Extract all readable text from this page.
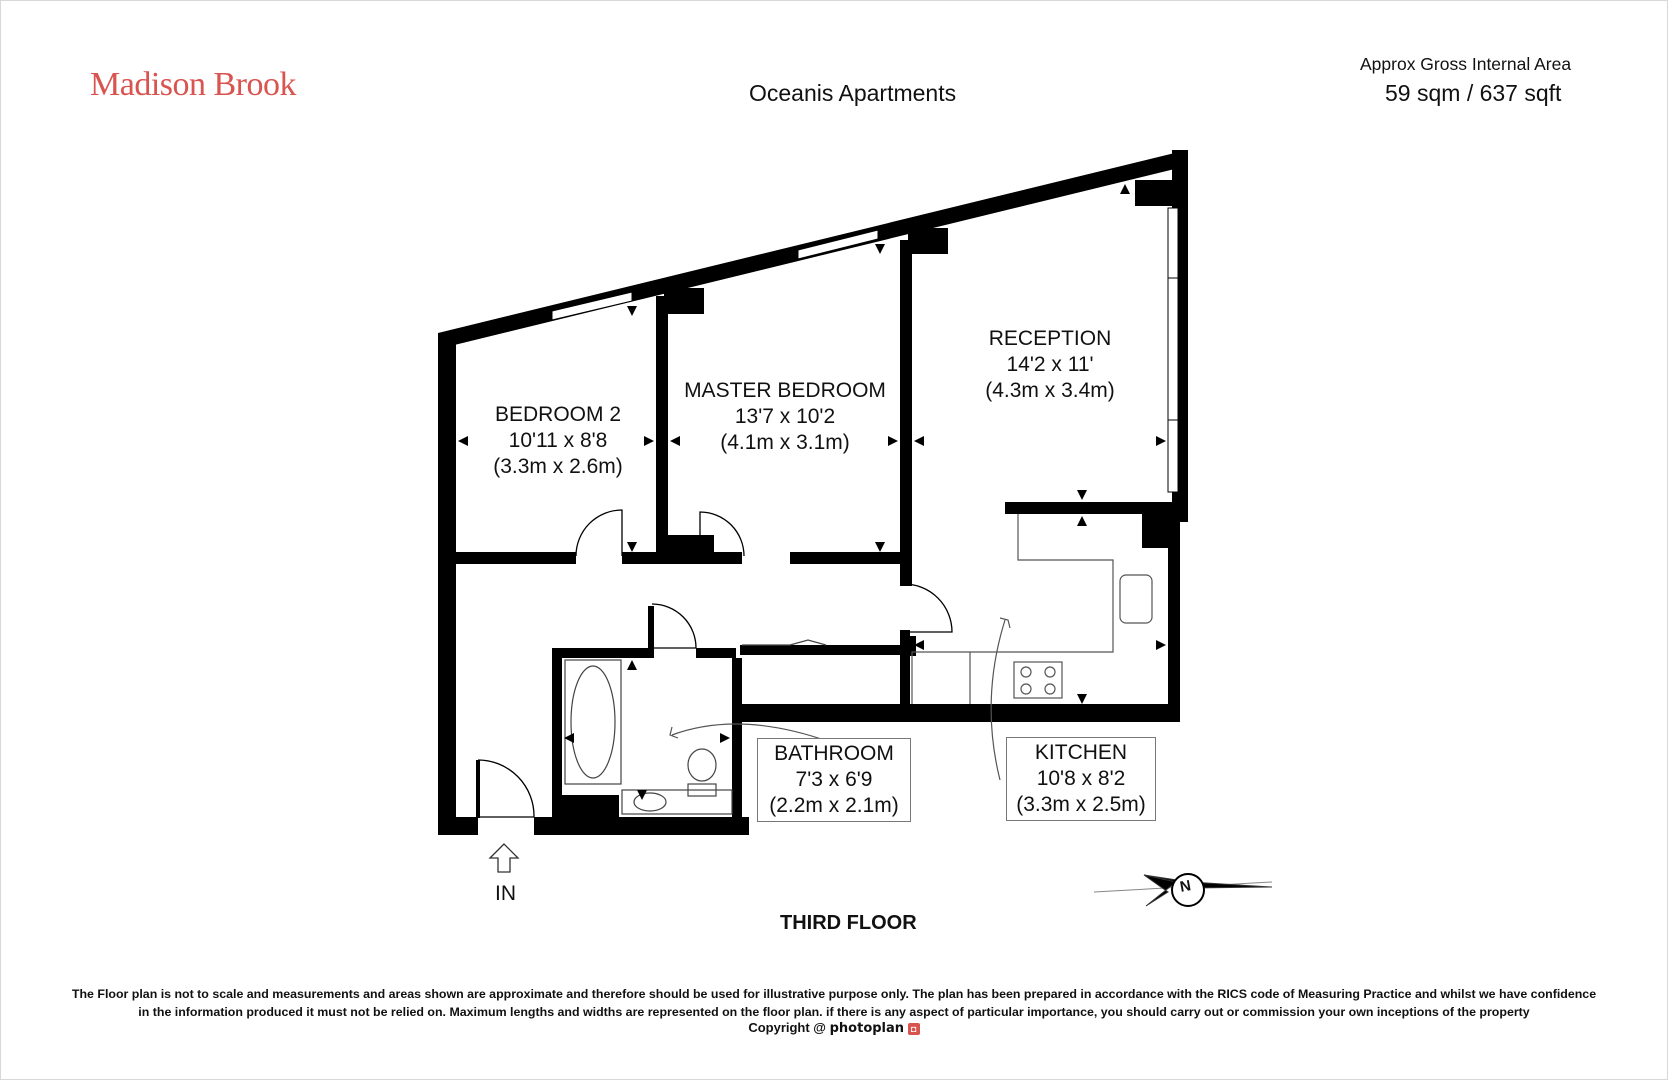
Madison Brook	Oceanis Apartments
Approx Gross Internal Area
59 sqm / 637 sqft
BEDROOM 2
10'11 x 8'8
(3.3m x 2.6m)
MASTER BEDROOM
13'7 x 10'2
(4.1m x 3.1m)
RECEPTION
14'2 x 11'
(4.3m x 3.4m)
BATHROOM
7'3 x 6'9
(2.2m x 2.1m)
KITCHEN
10'8 x 8'2
(3.3m x 2.5m)
IN	N
THIRD FLOOR
The Floor plan is not to scale and measurements and areas shown are approximate and therefore should be used for illustrative purpose only. The plan has been prepared in accordance with the RICS code of Measuring Practice and whilst we have confidence in the information produced it must not be relied on. Maximum lengths and widths are represented on the floor plan. if there is any aspect of particular importance, you should carry out or commission your own inceptions of the property
Copyright @ photoplan ◘
